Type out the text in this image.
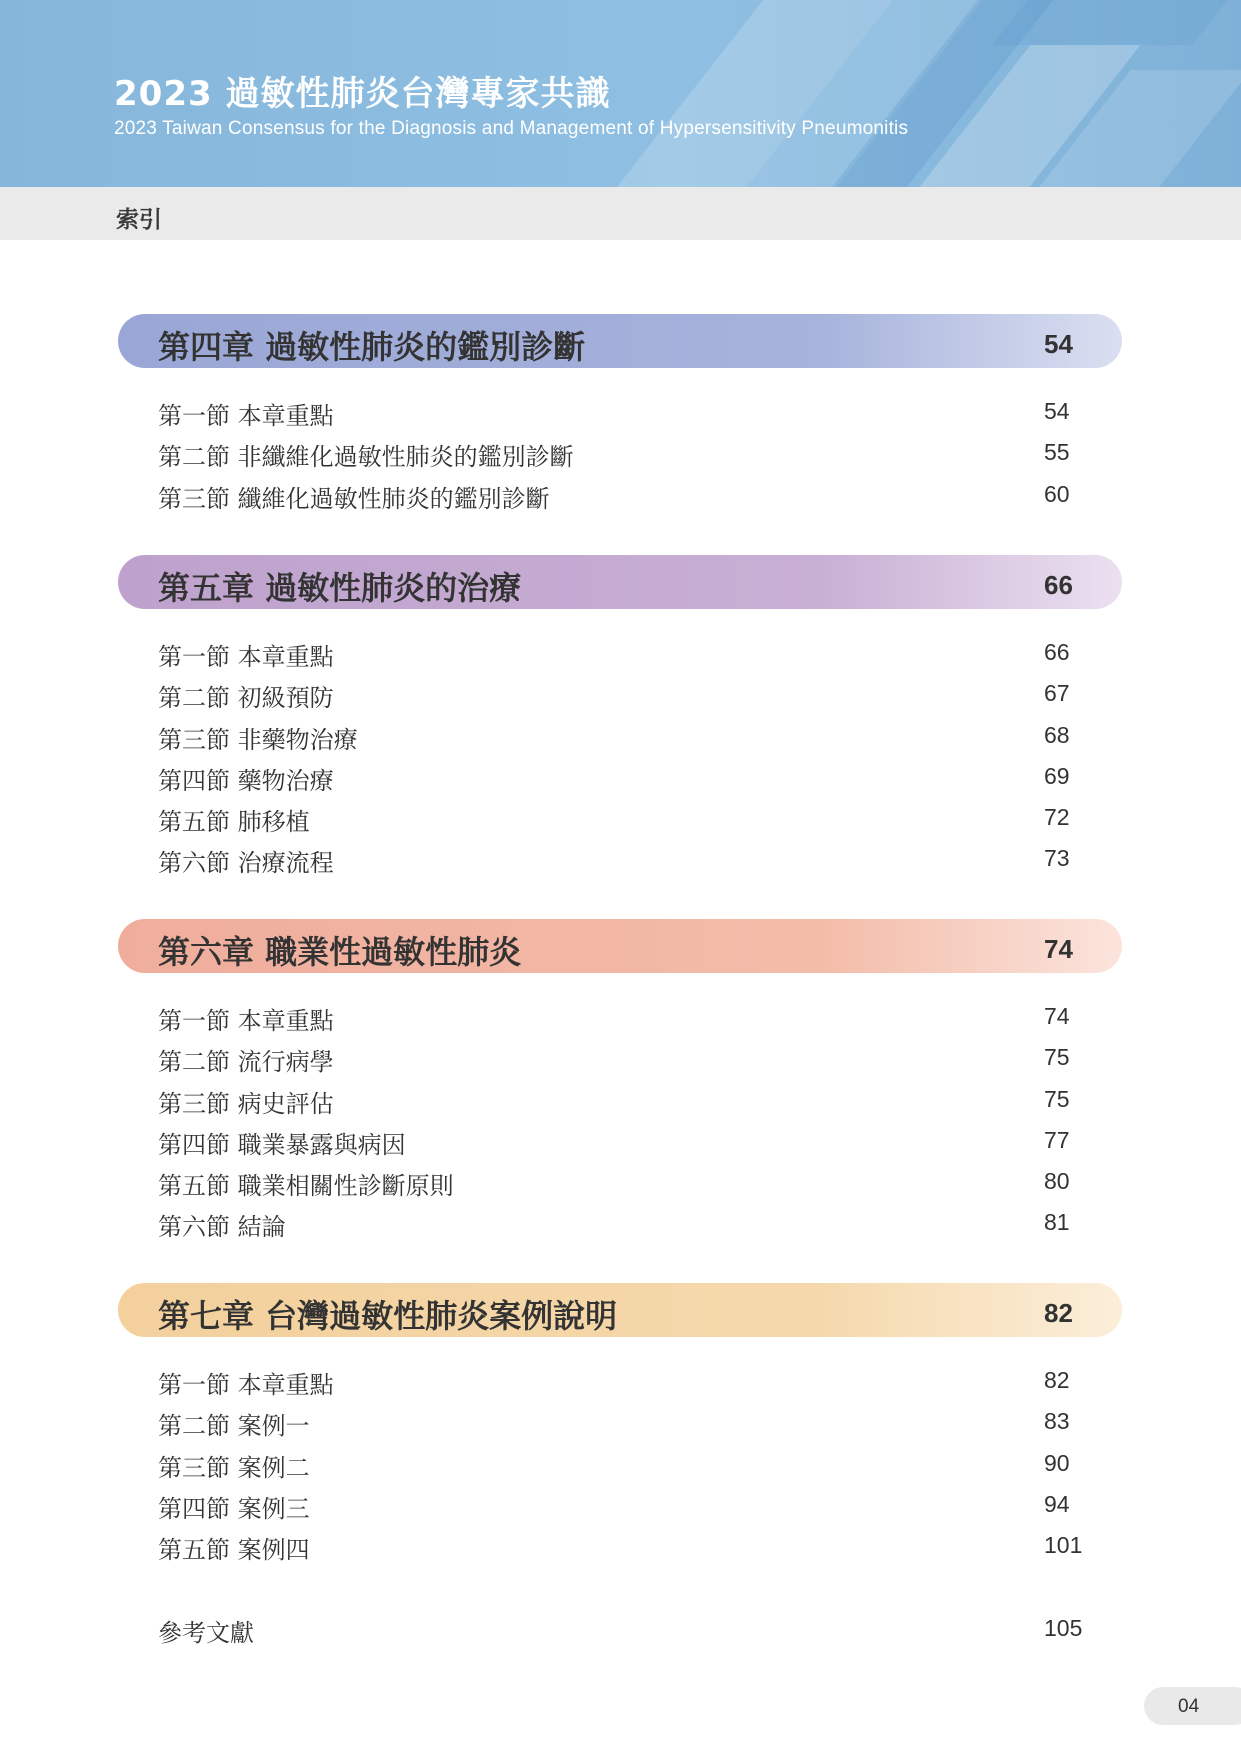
2023 過敏性肺炎台灣專家共識
2023 Taiwan Consensus for the Diagnosis and Management of Hypersensitivity Pneumonitis
索引
第四章 過敏性肺炎的鑑別診斷	54
第一節 本章重點	54
第二節 非纖維化過敏性肺炎的鑑別診斷	55
第三節 纖維化過敏性肺炎的鑑別診斷	60
第五章 過敏性肺炎的治療	66
第一節 本章重點	66
第二節 初級預防	67
第三節 非藥物治療	68
第四節 藥物治療	69
第五節 肺移植	72
第六節 治療流程	73
第六章 職業性過敏性肺炎	74
第一節 本章重點	74
第二節 流行病學	75
第三節 病史評估	75
第四節 職業暴露與病因	77
第五節 職業相關性診斷原則	80
第六節 結論	81
第七章 台灣過敏性肺炎案例說明	82
第一節 本章重點	82
第二節 案例一	83
第三節 案例二	90
第四節 案例三	94
第五節 案例四	101
參考文獻	105
04
